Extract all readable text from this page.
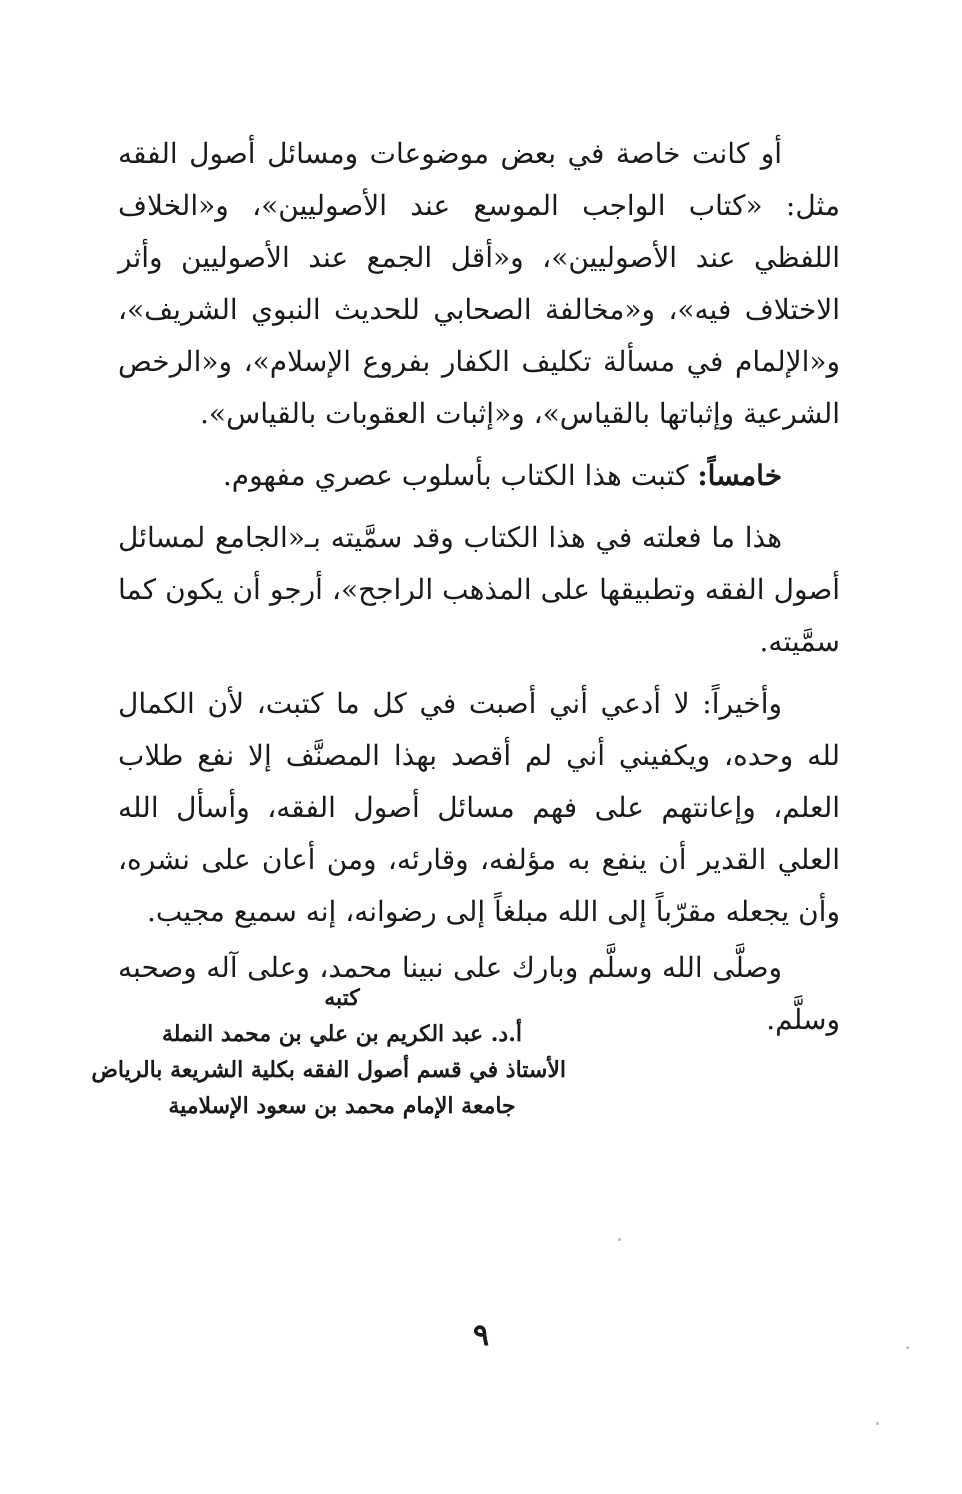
أو كانت خاصة في بعض موضوعات ومسائل أصول الفقه مثل: «كتاب الواجب الموسع عند الأصوليين»، و«الخلاف اللفظي عند الأصوليين»، و«أقل الجمع عند الأصوليين وأثر الاختلاف فيه»، و«مخالفة الصحابي للحديث النبوي الشريف»، و«الإلمام في مسألة تكليف الكفار بفروع الإسلام»، و«الرخص الشرعية وإثباتها بالقياس»، و«إثبات العقوبات بالقياس».

خامساً: كتبت هذا الكتاب بأسلوب عصري مفهوم.

هذا ما فعلته في هذا الكتاب وقد سمَّيته بـ«الجامع لمسائل أصول الفقه وتطبيقها على المذهب الراجح»، أرجو أن يكون كما سمَّيته.

وأخيراً: لا أدعي أني أصبت في كل ما كتبت، لأن الكمال لله وحده، ويكفيني أني لم أقصد بهذا المصنَّف إلا نفع طلاب العلم، وإعانتهم على فهم مسائل أصول الفقه، وأسأل الله العلي القدير أن ينفع به مؤلفه، وقارئه، ومن أعان على نشره، وأن يجعله مقرّباً إلى الله مبلغاً إلى رضوانه، إنه سميع مجيب.

وصلَّى الله وسلَّم وبارك على نبينا محمد، وعلى آله وصحبه وسلَّم.

كتبه

أ.د. عبد الكريم بن علي بن محمد النملة

الأستاذ في قسم أصول الفقه بكلية الشريعة بالرياض

جامعة الإمام محمد بن سعود الإسلامية

٩
